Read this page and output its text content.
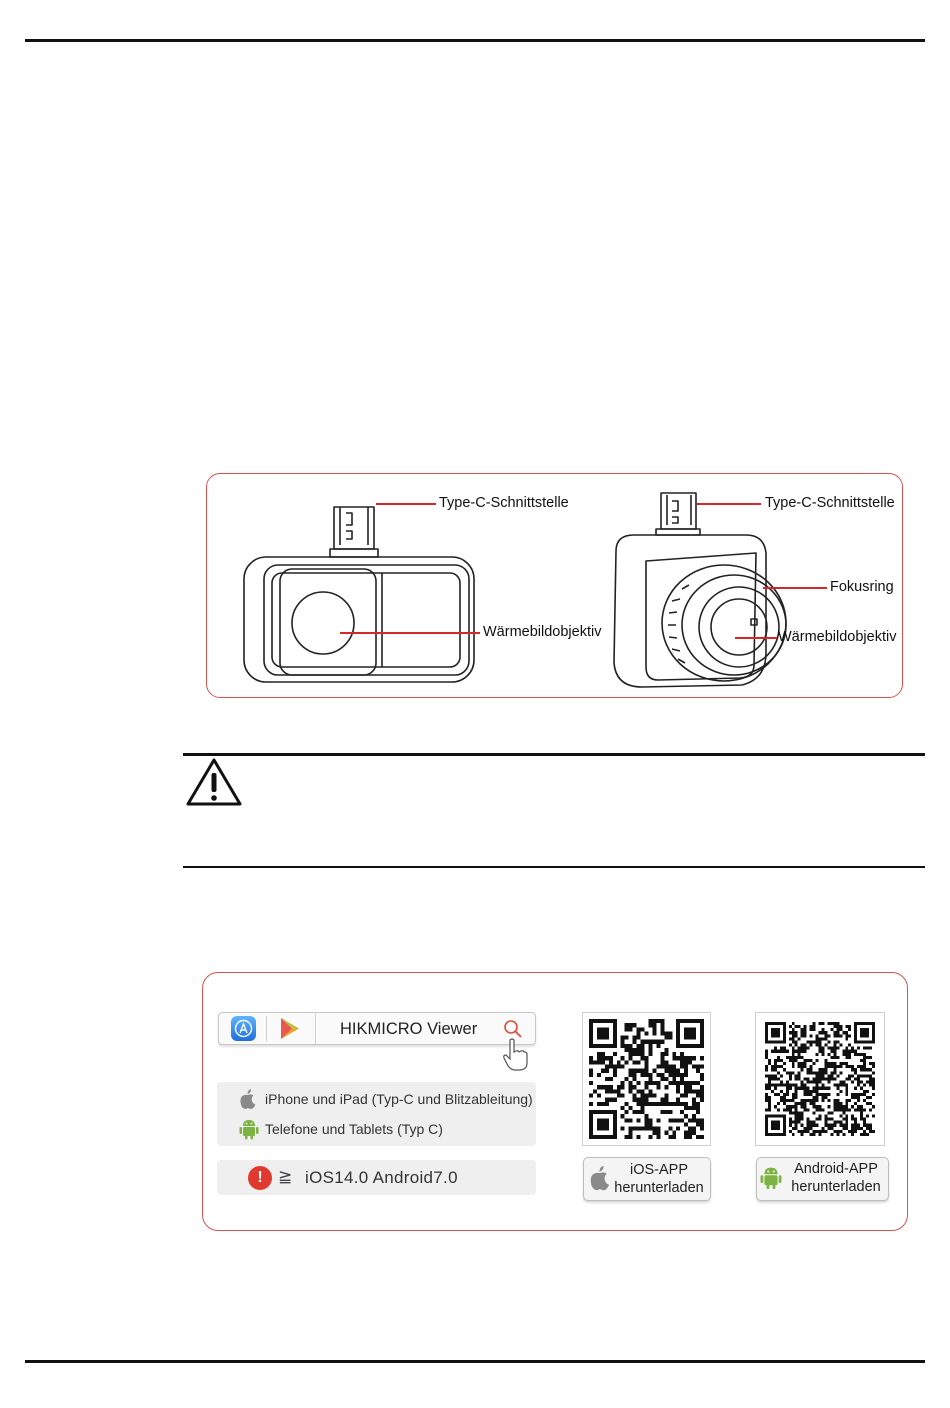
Type-C-Schnittstelle
Wärmebildobjektiv
Type-C-Schnittstelle
Fokusring
Wärmebildobjektiv
HIKMICRO Viewer
iPhone und iPad (Typ-C und Blitzableitung)
Telefone und Tablets (Typ C)
! ≧ iOS14.0 Android7.0	iOS-APP
herunterladen
Android-APP
herunterladen
